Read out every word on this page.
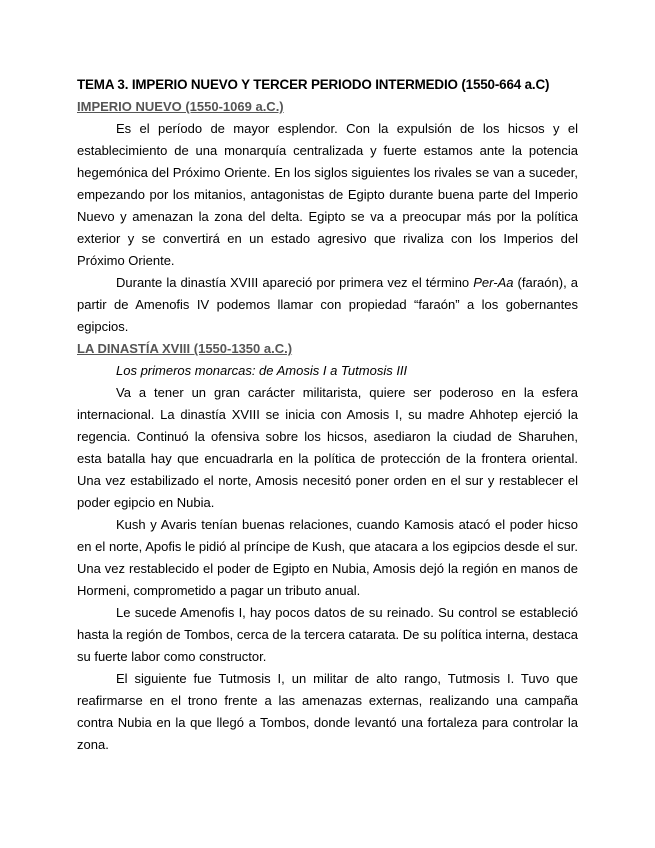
TEMA 3. IMPERIO NUEVO Y TERCER PERIODO INTERMEDIO (1550-664 a.C)
IMPERIO NUEVO (1550-1069 a.C.)

Es el período de mayor esplendor. Con la expulsión de los hicsos y el establecimiento de una monarquía centralizada y fuerte estamos ante la potencia hegemónica del Próximo Oriente. En los siglos siguientes los rivales se van a suceder, empezando por los mitanios, antagonistas de Egipto durante buena parte del Imperio Nuevo y amenazan la zona del delta. Egipto se va a preocupar más por la política exterior y se convertirá en un estado agresivo que rivaliza con los Imperios del Próximo Oriente.

Durante la dinastía XVIII apareció por primera vez el término Per-Aa (faraón), a partir de Amenofis IV podemos llamar con propiedad “faraón” a los gobernantes egipcios.

LA DINASTÍA XVIII (1550-1350 a.C.)

Los primeros monarcas: de Amosis I a Tutmosis III

Va a tener un gran carácter militarista, quiere ser poderoso en la esfera internacional. La dinastía XVIII se inicia con Amosis I, su madre Ahhotep ejerció la regencia. Continuó la ofensiva sobre los hicsos, asediaron la ciudad de Sharuhen, esta batalla hay que encuadrarla en la política de protección de la frontera oriental. Una vez estabilizado el norte, Amosis necesitó poner orden en el sur y restablecer el poder egipcio en Nubia.

Kush y Avaris tenían buenas relaciones, cuando Kamosis atacó el poder hicso en el norte, Apofis le pidió al príncipe de Kush, que atacara a los egipcios desde el sur. Una vez restablecido el poder de Egipto en Nubia, Amosis dejó la región en manos de Hormeni, comprometido a pagar un tributo anual.

Le sucede Amenofis I, hay pocos datos de su reinado. Su control se estableció hasta la región de Tombos, cerca de la tercera catarata. De su política interna, destaca su fuerte labor como constructor.

El siguiente fue Tutmosis I, un militar de alto rango, Tutmosis I. Tuvo que reafirmarse en el trono frente a las amenazas externas, realizando una campaña contra Nubia en la que llegó a Tombos, donde levantó una fortaleza para controlar la zona.
